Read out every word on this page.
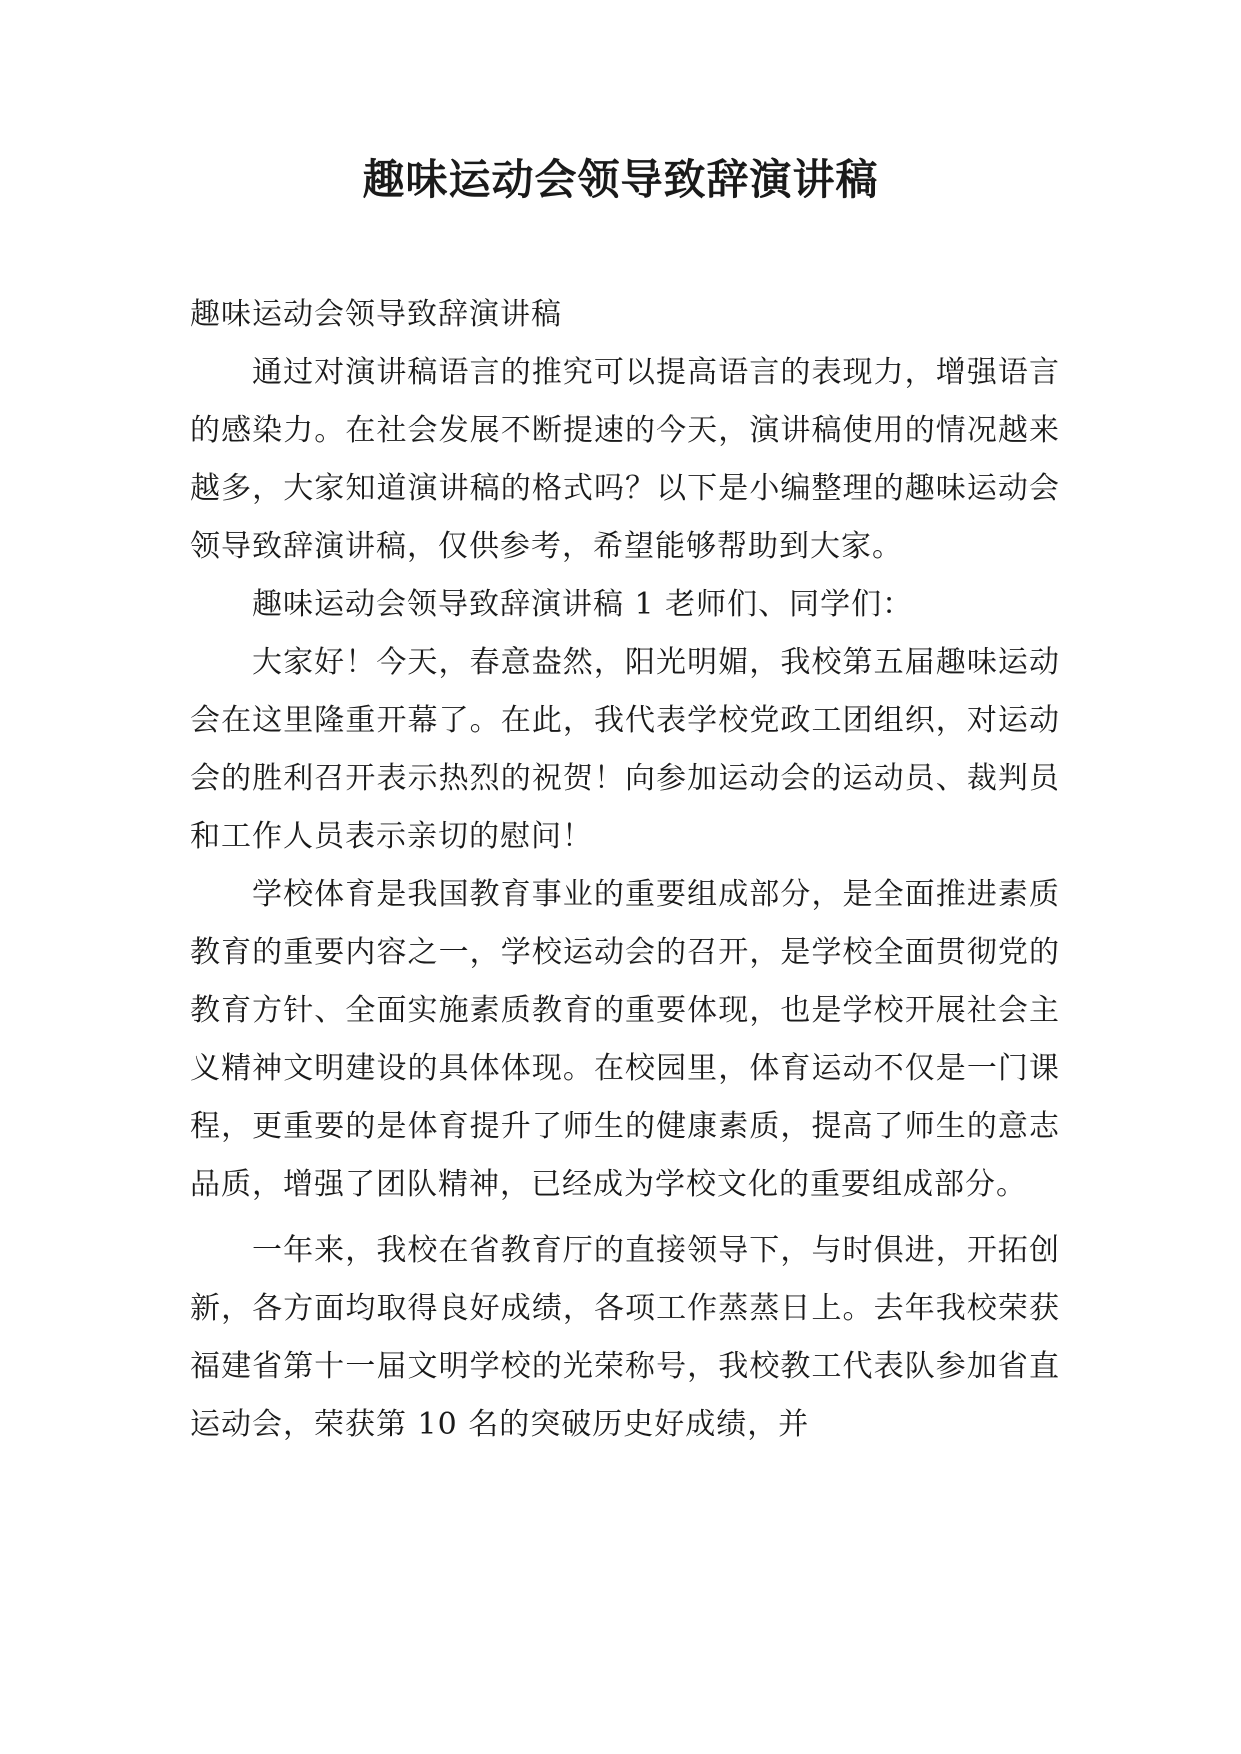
趣味运动会领导致辞演讲稿

趣味运动会领导致辞演讲稿

通过对演讲稿语言的推究可以提高语言的表现力，增强语言的感染力。在社会发展不断提速的今天，演讲稿使用的情况越来越多，大家知道演讲稿的格式吗？以下是小编整理的趣味运动会领导致辞演讲稿，仅供参考，希望能够帮助到大家。

趣味运动会领导致辞演讲稿 1 老师们、同学们：

大家好！今天，春意盎然，阳光明媚，我校第五届趣味运动会在这里隆重开幕了。在此，我代表学校党政工团组织，对运动会的胜利召开表示热烈的祝贺！向参加运动会的运动员、裁判员和工作人员表示亲切的慰问！

学校体育是我国教育事业的重要组成部分，是全面推进素质教育的重要内容之一，学校运动会的召开，是学校全面贯彻党的教育方针、全面实施素质教育的重要体现，也是学校开展社会主义精神文明建设的具体体现。在校园里，体育运动不仅是一门课程，更重要的是体育提升了师生的健康素质，提高了师生的意志品质，增强了团队精神，已经成为学校文化的重要组成部分。

一年来，我校在省教育厅的直接领导下，与时俱进，开拓创新，各方面均取得良好成绩，各项工作蒸蒸日上。去年我校荣获福建省第十一届文明学校的光荣称号，我校教工代表队参加省直运动会，荣获第 10 名的突破历史好成绩，并
